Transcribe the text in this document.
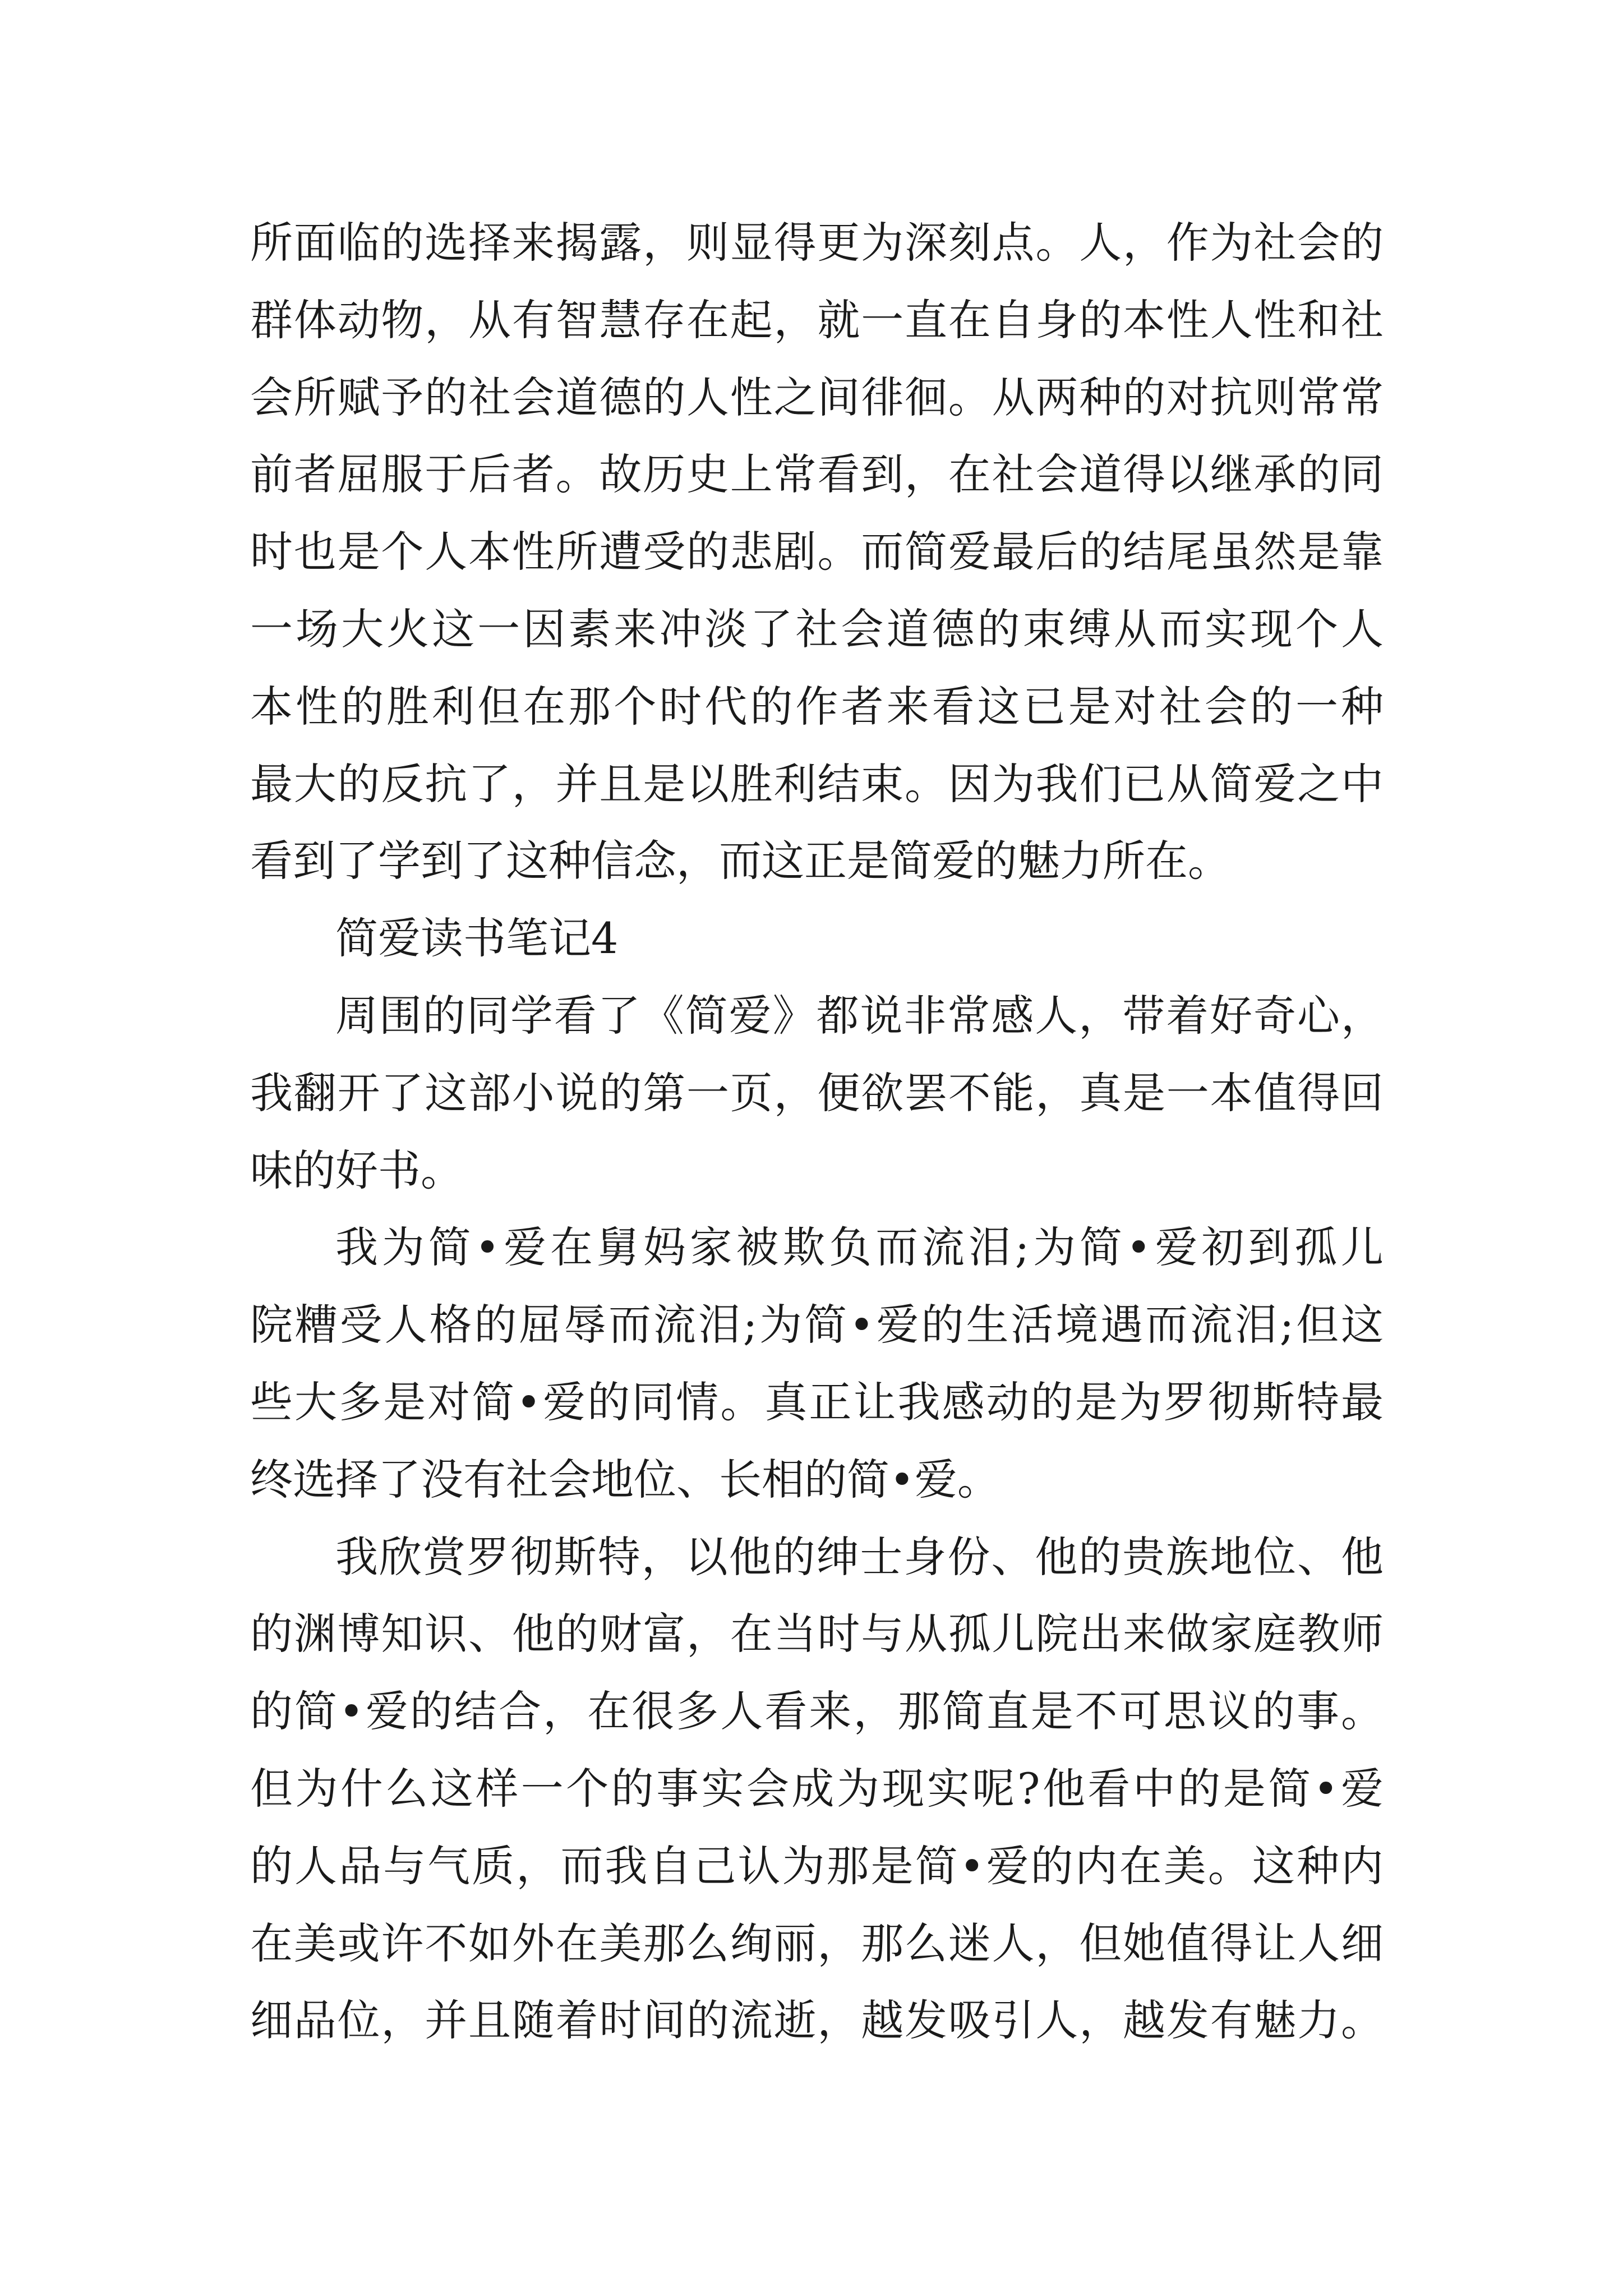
所面临的选择来揭露，则显得更为深刻点。人，作为社会的
群体动物，从有智慧存在起，就一直在自身的本性人性和社
会所赋予的社会道德的人性之间徘徊。从两种的对抗则常常
前者屈服于后者。故历史上常看到，在社会道得以继承的同
时也是个人本性所遭受的悲剧。而简爱最后的结尾虽然是靠
一场大火这一因素来冲淡了社会道德的束缚从而实现个人
本性的胜利但在那个时代的作者来看这已是对社会的一种
最大的反抗了，并且是以胜利结束。因为我们已从简爱之中
看到了学到了这种信念，而这正是简爱的魅力所在。
简爱读书笔记4
周围的同学看了《简爱》都说非常感人，带着好奇心，
我翻开了这部小说的第一页，便欲罢不能，真是一本值得回
味的好书。
我为简•爱在舅妈家被欺负而流泪;为简•爱初到孤儿
院糟受人格的屈辱而流泪;为简•爱的生活境遇而流泪;但这
些大多是对简•爱的同情。真正让我感动的是为罗彻斯特最
终选择了没有社会地位、长相的简•爱。
我欣赏罗彻斯特，以他的绅士身份、他的贵族地位、他
的渊博知识、他的财富，在当时与从孤儿院出来做家庭教师
的简•爱的结合，在很多人看来，那简直是不可思议的事。
但为什么这样一个的事实会成为现实呢?他看中的是简•爱
的人品与气质，而我自己认为那是简•爱的内在美。这种内
在美或许不如外在美那么绚丽，那么迷人，但她值得让人细
细品位，并且随着时间的流逝，越发吸引人，越发有魅力。
